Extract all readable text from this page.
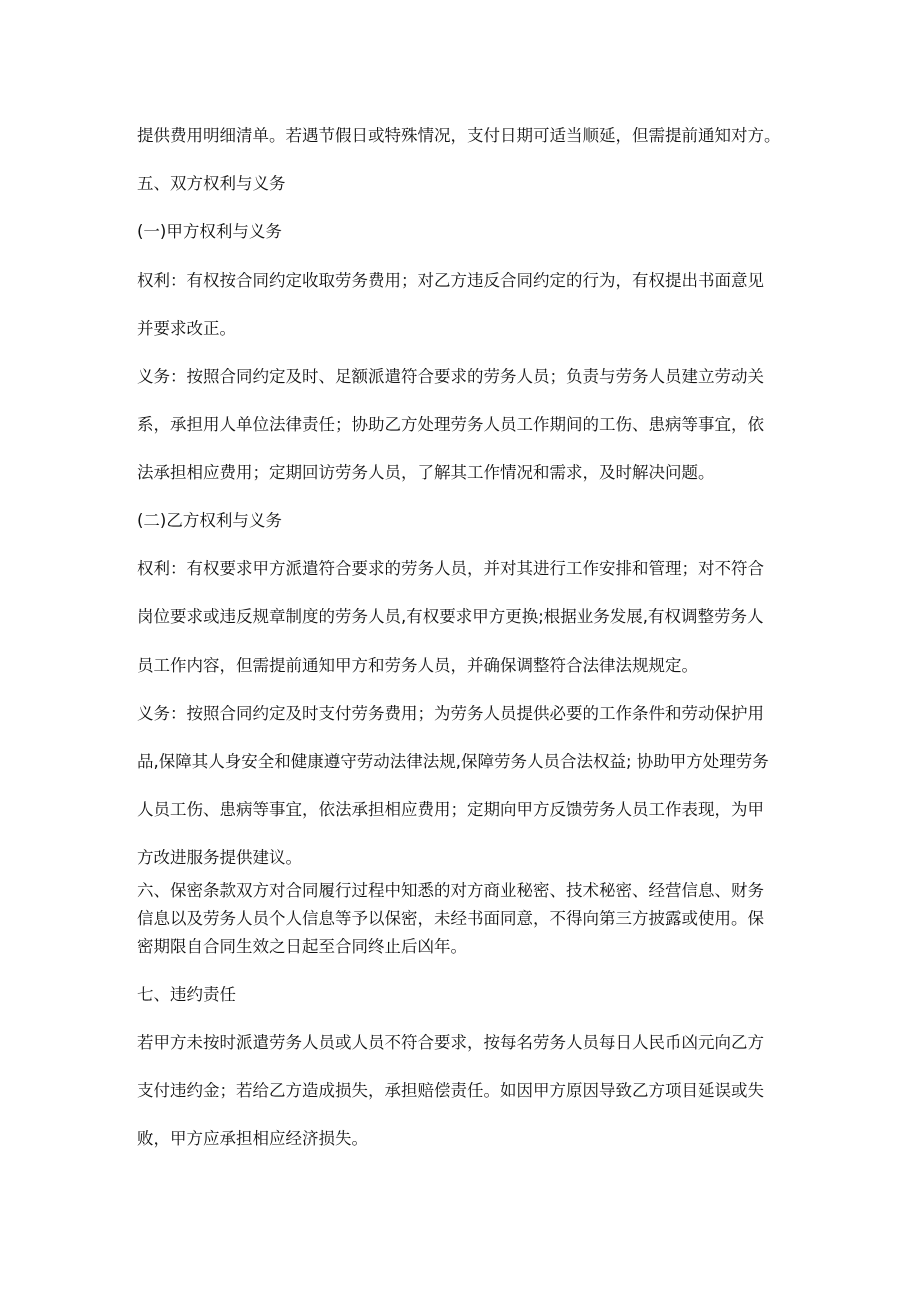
提供费用明细清单。若遇节假日或特殊情况，支付日期可适当顺延，但需提前通知对方。
五、双方权利与义务
(一)甲方权利与义务
权利：有权按合同约定收取劳务费用；对乙方违反合同约定的行为，有权提出书面意见
并要求改正。
义务：按照合同约定及时、足额派遣符合要求的劳务人员；负责与劳务人员建立劳动关
系，承担用人单位法律责任；协助乙方处理劳务人员工作期间的工伤、患病等事宜，依
法承担相应费用；定期回访劳务人员，了解其工作情况和需求，及时解决问题。
(二)乙方权利与义务
权利：有权要求甲方派遣符合要求的劳务人员，并对其进行工作安排和管理；对不符合
岗位要求或违反规章制度的劳务人员,有权要求甲方更换;根据业务发展,有权调整劳务人
员工作内容，但需提前通知甲方和劳务人员，并确保调整符合法律法规规定。
义务：按照合同约定及时支付劳务费用；为劳务人员提供必要的工作条件和劳动保护用
品,保障其人身安全和健康遵守劳动法律法规,保障劳务人员合法权益; 协助甲方处理劳务
人员工伤、患病等事宜，依法承担相应费用；定期向甲方反馈劳务人员工作表现，为甲
方改进服务提供建议。
六、保密条款双方对合同履行过程中知悉的对方商业秘密、技术秘密、经营信息、财务
信息以及劳务人员个人信息等予以保密，未经书面同意，不得向第三方披露或使用。保
密期限自合同生效之日起至合同终止后凶年。
七、违约责任
若甲方未按时派遣劳务人员或人员不符合要求，按每名劳务人员每日人民币凶元向乙方
支付违约金；若给乙方造成损失，承担赔偿责任。如因甲方原因导致乙方项目延误或失
败，甲方应承担相应经济损失。
